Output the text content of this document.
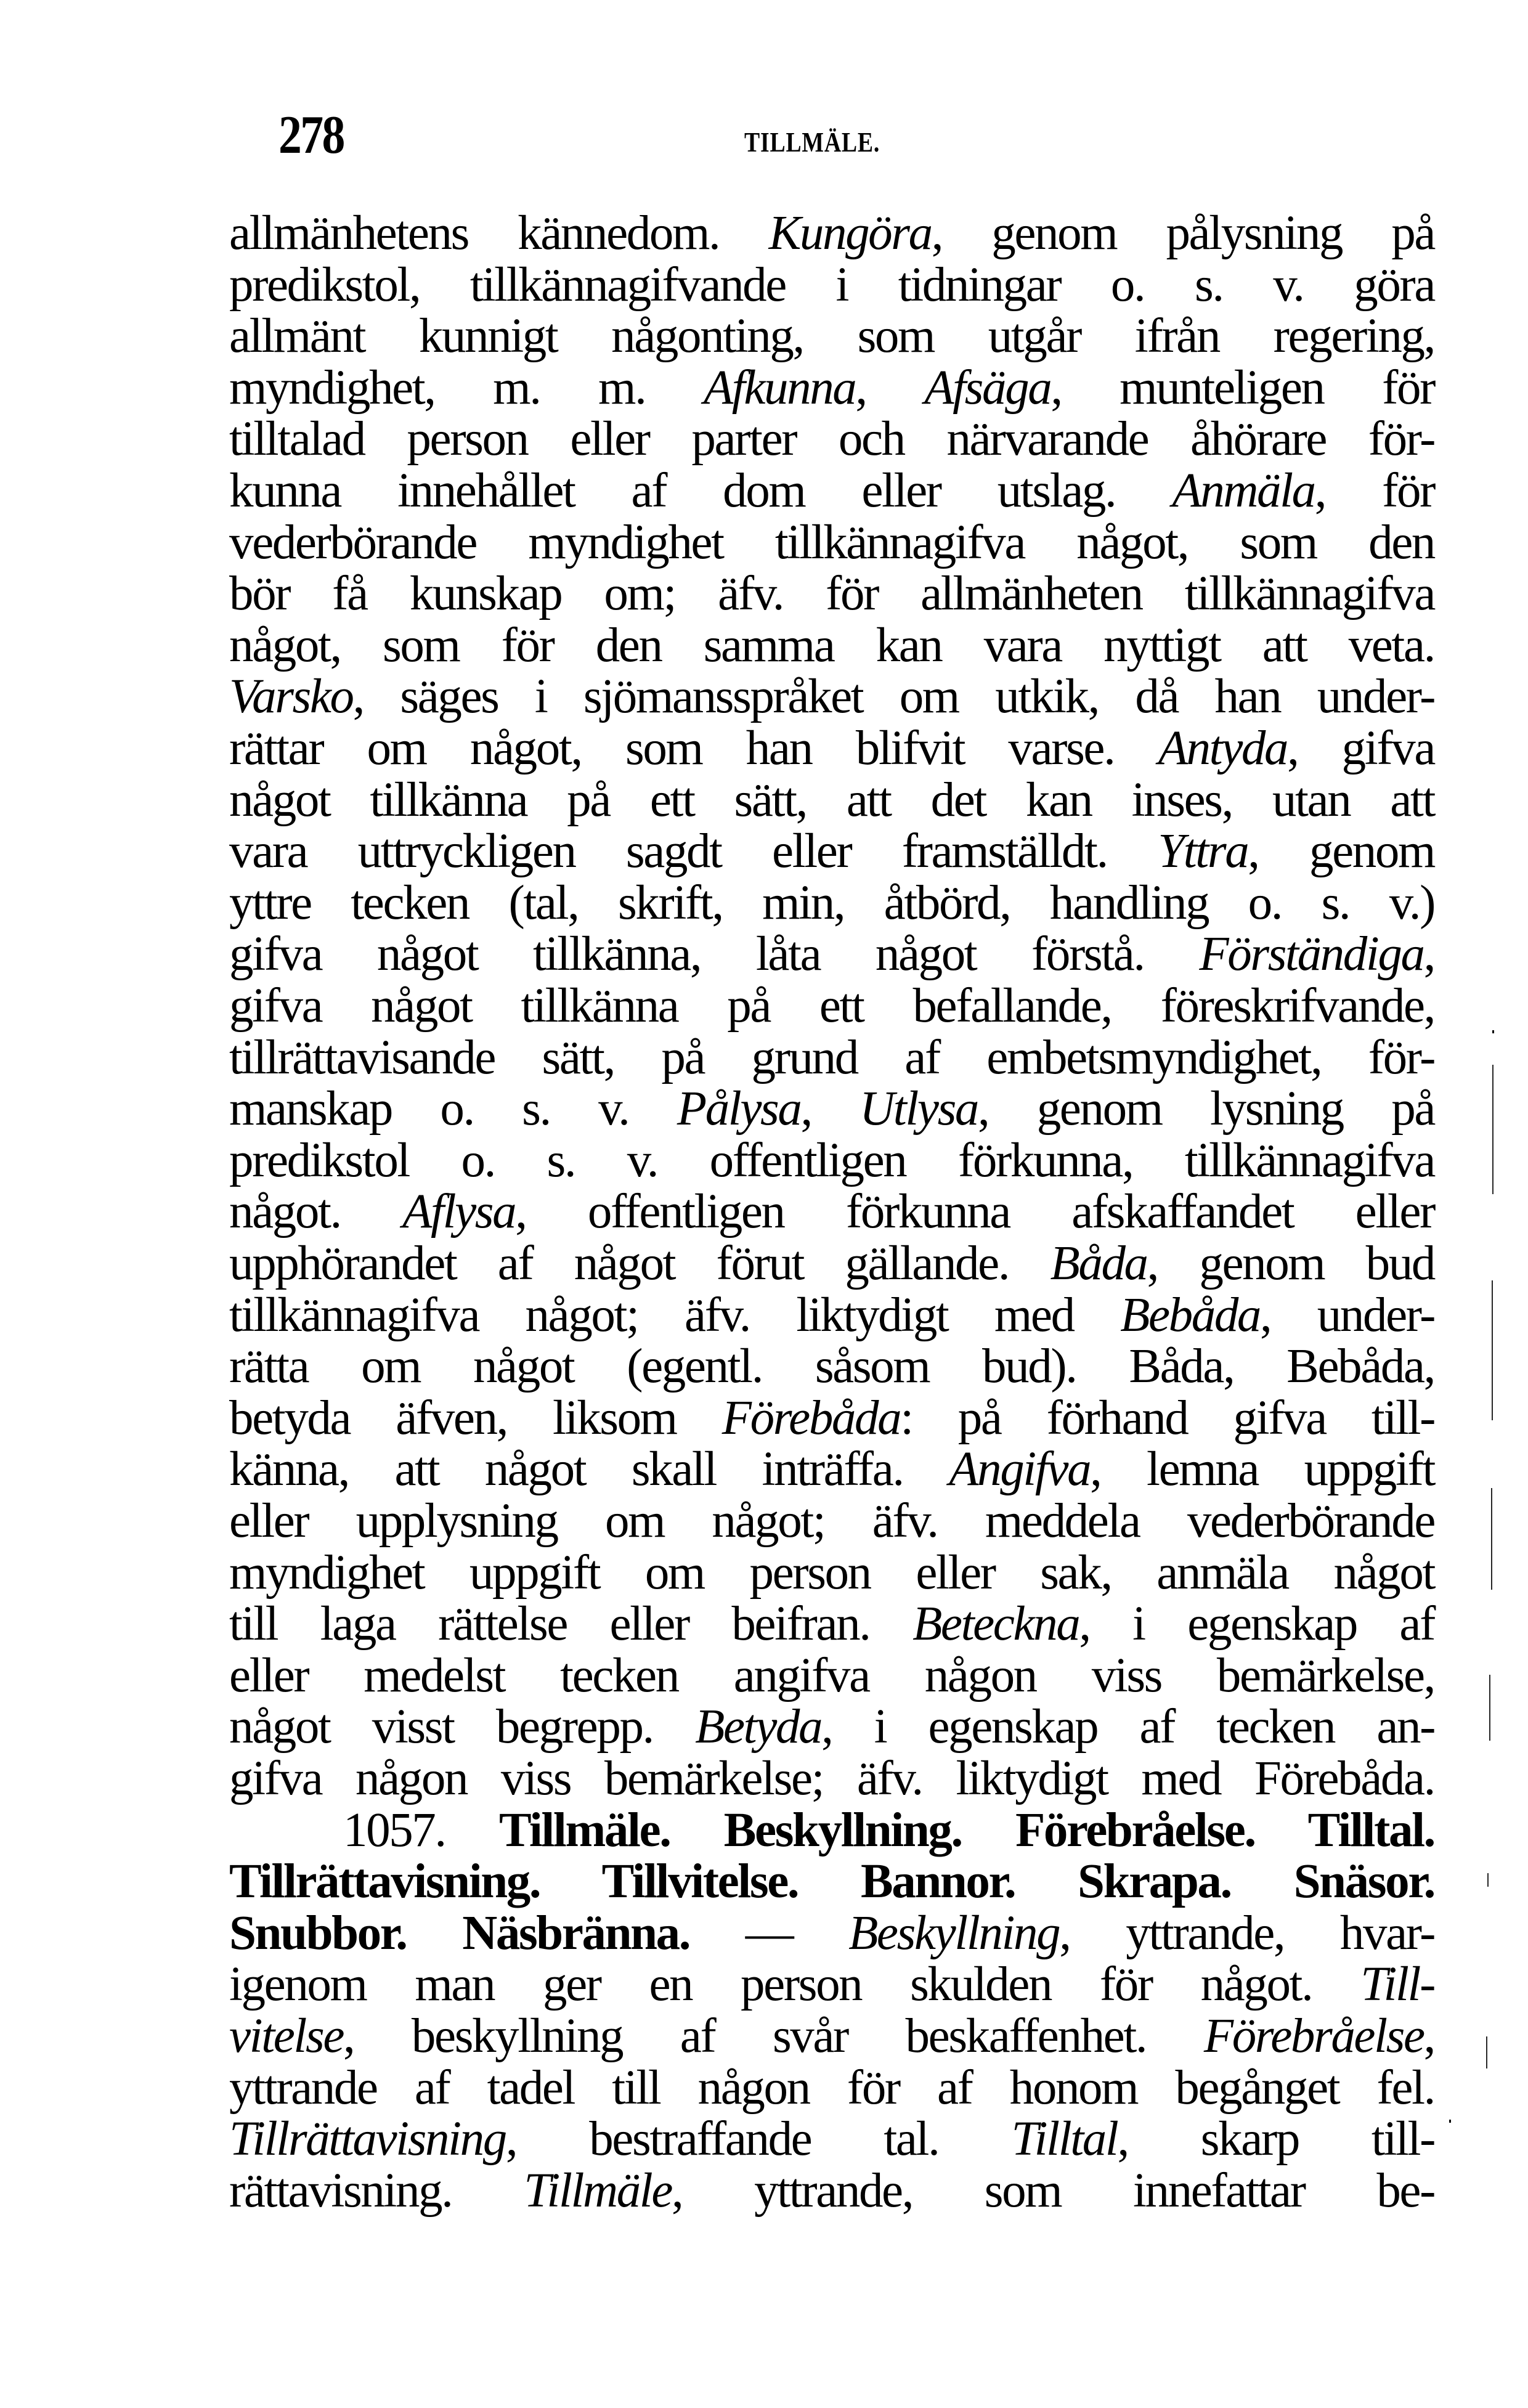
278	TILLMÄLE.
allmänhetens kännedom. Kungöra, genom pålysning på
predikstol, tillkännagifvande i tidningar o. s. v. göra
allmänt kunnigt någonting, som utgår ifrån regering,
myndighet, m. m. Afkunna, Afsäga, munteligen för
tilltalad person eller parter och närvarande åhörare för-
kunna innehållet af dom eller utslag. Anmäla, för
vederbörande myndighet tillkännagifva något, som den
bör få kunskap om; äfv. för allmänheten tillkännagifva
något, som för den samma kan vara nyttigt att veta.
Varsko, säges i sjömansspråket om utkik, då han under-
rättar om något, som han blifvit varse. Antyda, gifva
något tillkänna på ett sätt, att det kan inses, utan att
vara uttryckligen sagdt eller framställdt. Yttra, genom
yttre tecken (tal, skrift, min, åtbörd, handling o. s. v.)
gifva något tillkänna, låta något förstå. Förständiga,
gifva något tillkänna på ett befallande, föreskrifvande,
tillrättavisande sätt, på grund af embetsmyndighet, för-
manskap o. s. v. Pålysa, Utlysa, genom lysning på
predikstol o. s. v. offentligen förkunna, tillkännagifva
något. Aflysa, offentligen förkunna afskaffandet eller
upphörandet af något förut gällande. Båda, genom bud
tillkännagifva något; äfv. liktydigt med Bebåda, under-
rätta om något (egentl. såsom bud). Båda, Bebåda,
betyda äfven, liksom Förebåda: på förhand gifva till-
känna, att något skall inträffa. Angifva, lemna uppgift
eller upplysning om något; äfv. meddela vederbörande
myndighet uppgift om person eller sak, anmäla något
till laga rättelse eller beifran. Beteckna, i egenskap af
eller medelst tecken angifva någon viss bemärkelse,
något visst begrepp. Betyda, i egenskap af tecken an-
gifva någon viss bemärkelse; äfv. liktydigt med Förebåda.
1057. Tillmäle. Beskyllning. Förebråelse. Tilltal.
Tillrättavisning. Tillvitelse. Bannor. Skrapa. Snäsor.
Snubbor. Näsbränna. — Beskyllning, yttrande, hvar-
igenom man ger en person skulden för något. Till-
vitelse, beskyllning af svår beskaffenhet. Förebråelse,
yttrande af tadel till någon för af honom begånget fel.
Tillrättavisning, bestraffande tal. Tilltal, skarp till-
rättavisning. Tillmäle, yttrande, som innefattar be-
